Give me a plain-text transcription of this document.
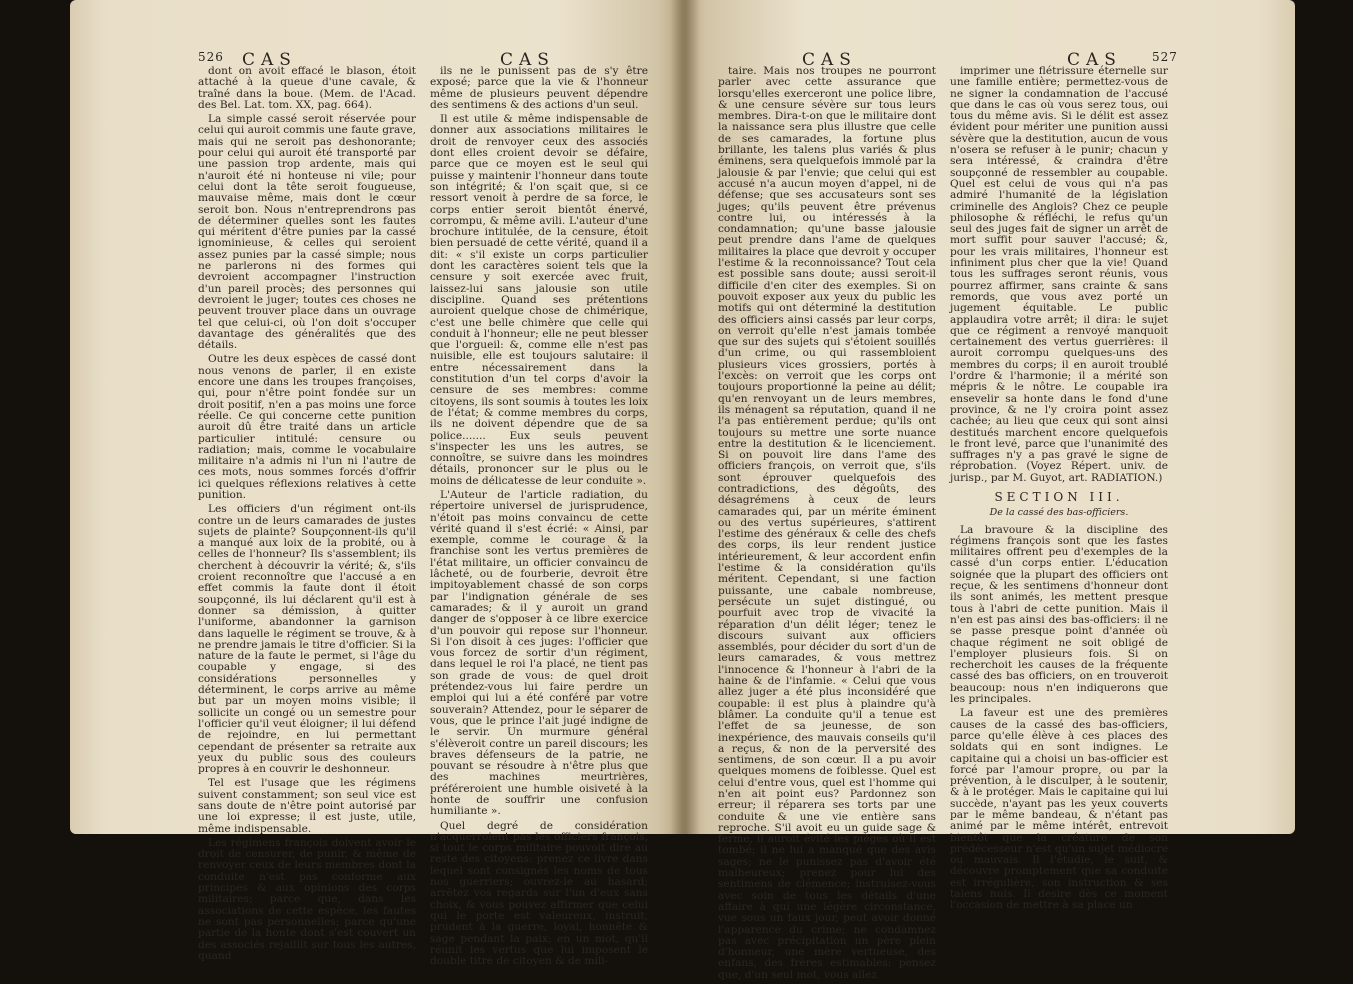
526 CAS	CAS

dont on avoit effacé le blason, étoit attaché à la queue d'une cavale, & traîné dans la boue. (Mem. de l'Acad. des Bel. Lat. tom. XX, pag. 664).

La simple cassé seroit réservée pour celui qui auroit commis une faute grave, mais qui ne seroit pas deshonorante; pour celui qui auroit été transporté par une passion trop ardente, mais qui n'auroit été ni honteuse ni vile; pour celui dont la tête seroit fougueuse, mauvaise même, mais dont le cœur seroit bon. Nous n'entreprendrons pas de déterminer quelles sont les fautes qui méritent d'être punies par la cassé ignominieuse, & celles qui seroient assez punies par la cassé simple; nous ne parlerons ni des formes qui devroient accompagner l'instruction d'un pareil procès; des personnes qui devroient le juger; toutes ces choses ne peuvent trouver place dans un ouvrage tel que celui-ci, où l'on doit s'occuper davantage des généralités que des détails.

Outre les deux espèces de cassé dont nous venons de parler, il en existe encore une dans les troupes françoises, qui, pour n'être point fondée sur un droit positif, n'en a pas moins une force réelle. Ce qui concerne cette punition auroit dû être traité dans un article particulier intitulé: censure ou radiation; mais, comme le vocabulaire militaire n'a admis ni l'un ni l'autre de ces mots, nous sommes forcés d'offrir ici quelques réflexions relatives à cette punition.

Les officiers d'un régiment ont-ils contre un de leurs camarades de justes sujets de plainte? Soupçonnent-ils qu'il a manqué aux loix de la probité, ou à celles de l'honneur? Ils s'assemblent; ils cherchent à découvrir la vérité; &, s'ils croient reconnoître que l'accusé a en effet commis la faute dont il étoit soupçonné, ils lui déclarent qu'il est à donner sa démission, à quitter l'uniforme, abandonner la garnison dans laquelle le régiment se trouve, & à ne prendre jamais le titre d'officier. Si la nature de la faute le permet, si l'âge du coupable y engage, si des considérations personnelles y déterminent, le corps arrive au même but par un moyen moins visible; il sollicite un congé ou un semestre pour l'officier qu'il veut éloigner; il lui défend de rejoindre, en lui permettant cependant de présenter sa retraite aux yeux du public sous des couleurs propres à en couvrir le deshonneur.

Tel est l'usage que les régimens suivent constamment; son seul vice est sans doute de n'être point autorisé par une loi expresse; il est juste, utile, même indispensable.

Les régimens françois doivent avoir le droit de censurer, de punir, & même de renvoyer ceux de leurs membres dont la conduite n'est pas conforme aux principes & aux opinions des corps militaires; parce que, dans les associations de cette espèce, les fautes ne sont pas personnelles; parce qu'une partie de la honte dont s'est couvert un des associés rejaillit sur tous les autres, quand

ils ne le punissent pas de s'y être exposé; parce que la vie & l'honneur même de plusieurs peuvent dépendre des sentimens & des actions d'un seul.

Il est utile & même indispensable de donner aux associations militaires le droit de renvoyer ceux des associés dont elles croient devoir se défaire, parce que ce moyen est le seul qui puisse y maintenir l'honneur dans toute son intégrité; & l'on sçait que, si ce ressort venoit à perdre de sa force, le corps entier seroit bientôt énervé, corrompu, & même avili. L'auteur d'une brochure intitulée, de la censure, étoit bien persuadé de cette vérité, quand il a dit: « s'il existe un corps particulier dont les caractères soient tels que la censure y soit exercée avec fruit, laissez-lui sans jalousie son utile discipline. Quand ses prétentions auroient quelque chose de chimérique, c'est une belle chimère que celle qui conduit à l'honneur; elle ne peut blesser que l'orgueil: &, comme elle n'est pas nuisible, elle est toujours salutaire: il entre nécessairement dans la constitution d'un tel corps d'avoir la censure de ses membres: comme citoyens, ils sont soumis à toutes les loix de l'état; & comme membres du corps, ils ne doivent dépendre que de sa police....... Eux seuls peuvent s'inspecter les uns les autres, se connoître, se suivre dans les moindres détails, prononcer sur le plus ou le moins de délicatesse de leur conduite ».

L'Auteur de l'article radiation, du répertoire universel de jurisprudence, n'étoit pas moins convaincu de cette vérité quand il s'est écrié: « Ainsi, par exemple, comme le courage & la franchise sont les vertus premières de l'état militaire, un officier convaincu de lâcheté, ou de fourberie, devroit être impitoyablement chassé de son corps par l'indignation générale de ses camarades; & il y auroit un grand danger de s'opposer à ce libre exercice d'un pouvoir qui repose sur l'honneur. Si l'on disoit à ces juges: l'officier que vous forcez de sortir d'un régiment, dans lequel le roi l'a placé, ne tient pas son grade de vous: de quel droit prétendez-vous lui faire perdre un emploi qui lui a été conféré par votre souverain? Attendez, pour le séparer de vous, que le prince l'ait jugé indigne de le servir. Un murmure général s'élèveroit contre un pareil discours; les braves défenseurs de la patrie, ne pouvant se résoudre à n'être plus que des machines meurtrières, préféreroient une humble oisiveté à la honte de souffrir une confusion humiliante ».

Quel degré de considération n'acquerroient pas les officiers françois, si tout le corps militaire pouvoit dire au reste des citoyens: prenez ce livre dans lequel sont consignés les noms de tous nos guerriers; ouvrez-le au hasard; arrêtez vos regards sur l'un d'eux sans choix, & vous pouvez affirmer que celui qui le porte est valeureux, instruit, prudent à la guerre, loyal, honnête & sage pendant la paix; en un mot, qu'il réunit les vertus que lui imposent le double titre de citoyen & de mili-

CAS	CAS	527

taire. Mais nos troupes ne pourront parler avec cette assurance que lorsqu'elles exerceront une police libre, & une censure sévère sur tous leurs membres. Dira-t-on que le militaire dont la naissance sera plus illustre que celle de ses camarades, la fortune plus brillante, les talens plus variés & plus éminens, sera quelquefois immolé par la jalousie & par l'envie; que celui qui est accusé n'a aucun moyen d'appel, ni de défense; que ses accusateurs sont ses juges; qu'ils peuvent être prévenus contre lui, ou intéressés à la condamnation; qu'une basse jalousie peut prendre dans l'ame de quelques militaires la place que devroit y occuper l'estime & la reconnoissance? Tout cela est possible sans doute; aussi seroit-il difficile d'en citer des exemples. Si on pouvoit exposer aux yeux du public les motifs qui ont déterminé la destitution des officiers ainsi cassés par leur corps, on verroit qu'elle n'est jamais tombée que sur des sujets qui s'étoient souillés d'un crime, ou qui rassembloient plusieurs vices grossiers, portés à l'excès: on verroit que les corps ont toujours proportionné la peine au délit; qu'en renvoyant un de leurs membres, ils ménagent sa réputation, quand il ne l'a pas entièrement perdue; qu'ils ont toujours su mettre une sorte nuance entre la destitution & le licenciement. Si on pouvoit lire dans l'ame des officiers françois, on verroit que, s'ils sont éprouver quelquefois des contradictions, des dégoûts, des désagrémens à ceux de leurs camarades qui, par un mérite éminent ou des vertus supérieures, s'attirent l'estime des généraux & celle des chefs des corps, ils leur rendent justice intérieurement, & leur accordent enfin l'estime & la considération qu'ils méritent. Cependant, si une faction puissante, une cabale nombreuse, persécute un sujet distingué, ou pourfuit avec trop de vivacité la réparation d'un délit léger; tenez le discours suivant aux officiers assemblés, pour décider du sort d'un de leurs camarades, & vous mettrez l'innocence & l'honneur à l'abri de la haine & de l'infamie. « Celui que vous allez juger a été plus inconsidéré que coupable: il est plus à plaindre qu'à blâmer. La conduite qu'il a tenue est l'effet de sa jeunesse, de son inexpérience, des mauvais conseils qu'il a reçus, & non de la perversité des sentimens, de son cœur. Il a pu avoir quelques momens de foiblesse. Quel est celui d'entre vous, quel est l'homme qui n'en ait point eus? Pardonnez son erreur; il réparera ses torts par une conduite & une vie entière sans reproche. S'il avoit eu un guide sage & ferme, il auroit évité les pièges où il est tombé; il ne lui a manqué que des avis sages; ne le punissez pas d'avoir été malheureux; prenez pour lui des sentimens de clémence; instruisez-vous avec soin de tous les détails d'une affaire à qui une légère circonstance, vue sous un faux jour, peut avoir donné l'apparence du crime; ne condamnez pas avec précipitation un père plein d'honneur, une mère vertueuse, des enfans, des frères estimables: pensez que, d'un seul mot, vous allez

imprimer une flétrissure éternelle sur une famille entière; permettez-vous de ne signer la condamnation de l'accusé que dans le cas où vous serez tous, oui tous du même avis. Si le délit est assez évident pour mériter une punition aussi sévère que la destitution, aucun de vous n'osera se refuser à le punir; chacun y sera intéressé, & craindra d'être soupçonné de ressembler au coupable. Quel est celui de vous qui n'a pas admiré l'humanité de la législation criminelle des Anglois? Chez ce peuple philosophe & réfléchi, le refus qu'un seul des juges fait de signer un arrêt de mort suffit pour sauver l'accusé; &, pour les vrais militaires, l'honneur est infiniment plus cher que la vie! Quand tous les suffrages seront réunis, vous pourrez affirmer, sans crainte & sans remords, que vous avez porté un jugement équitable. Le public applaudira votre arrêt; il dira: le sujet que ce régiment a renvoyé manquoit certainement des vertus guerrières: il auroit corrompu quelques-uns des membres du corps; il en auroit troublé l'ordre & l'harmonie; il a mérité son mépris & le nôtre. Le coupable ira ensevelir sa honte dans le fond d'une province, & ne l'y croira point assez cachée; au lieu que ceux qui sont ainsi destitués marchent encore quelquefois le front levé, parce que l'unanimité des suffrages n'y a pas gravé le signe de réprobation. (Voyez Répert. univ. de jurisp., par M. Guyot, art. RADIATION.)

SECTION III.
De la cassé des bas-officiers.

La bravoure & la discipline des régimens françois sont que les fastes militaires offrent peu d'exemples de la cassé d'un corps entier. L'éducation soignée que la plupart des officiers ont reçue, & les sentimens d'honneur dont ils sont animés, les mettent presque tous à l'abri de cette punition. Mais il n'en est pas ainsi des bas-officiers: il ne se passe presque point d'année où chaque régiment ne soit obligé de l'employer plusieurs fois. Si on recherchoit les causes de la fréquente cassé des bas officiers, on en trouveroit beaucoup: nous n'en indiquerons que les principales.

La faveur est une des premières causes de la cassé des bas-officiers, parce qu'elle élève à ces places des soldats qui en sont indignes. Le capitaine qui a choisi un bas-officier est forcé par l'amour propre, ou par la prévention, à le disculper, à le soutenir, & à le protéger. Mais le capitaine qui lui succède, n'ayant pas les yeux couverts par le même bandeau, & n'étant pas animé par le même intérêt, entrevoit bientôt que la créature de son prédécesseur n'est qu'un sujet médiocre ou mauvais. Il l'étudie, le suit, & découvre promptement que sa conduite est irrégulière, son instruction & ses talens nuls. Il desire dès ce moment l'occasion de mettre à sa place un
